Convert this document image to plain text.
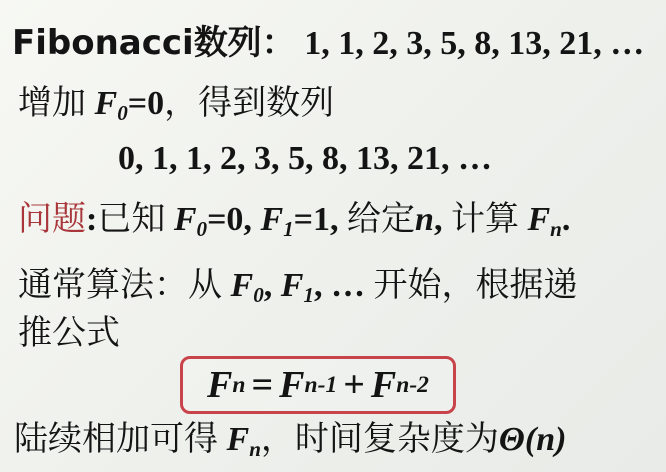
Fibonacci数列： 1, 1, 2, 3, 5, 8, 13, 21, …
增加 $F_0=0$，得到数列
0, 1, 1, 2, 3, 5, 8, 13, 21, …
问题:已知 $F_0=0$, $F_1=1$, 给定n, 计算 $F_n$.
通常算法：从 $F_0$, $F_1$, … 开始，根据递
推公式
F n = F n-1 + F n-2
陆续相加可得 $F_n$，时间复杂度为Θ(n)
